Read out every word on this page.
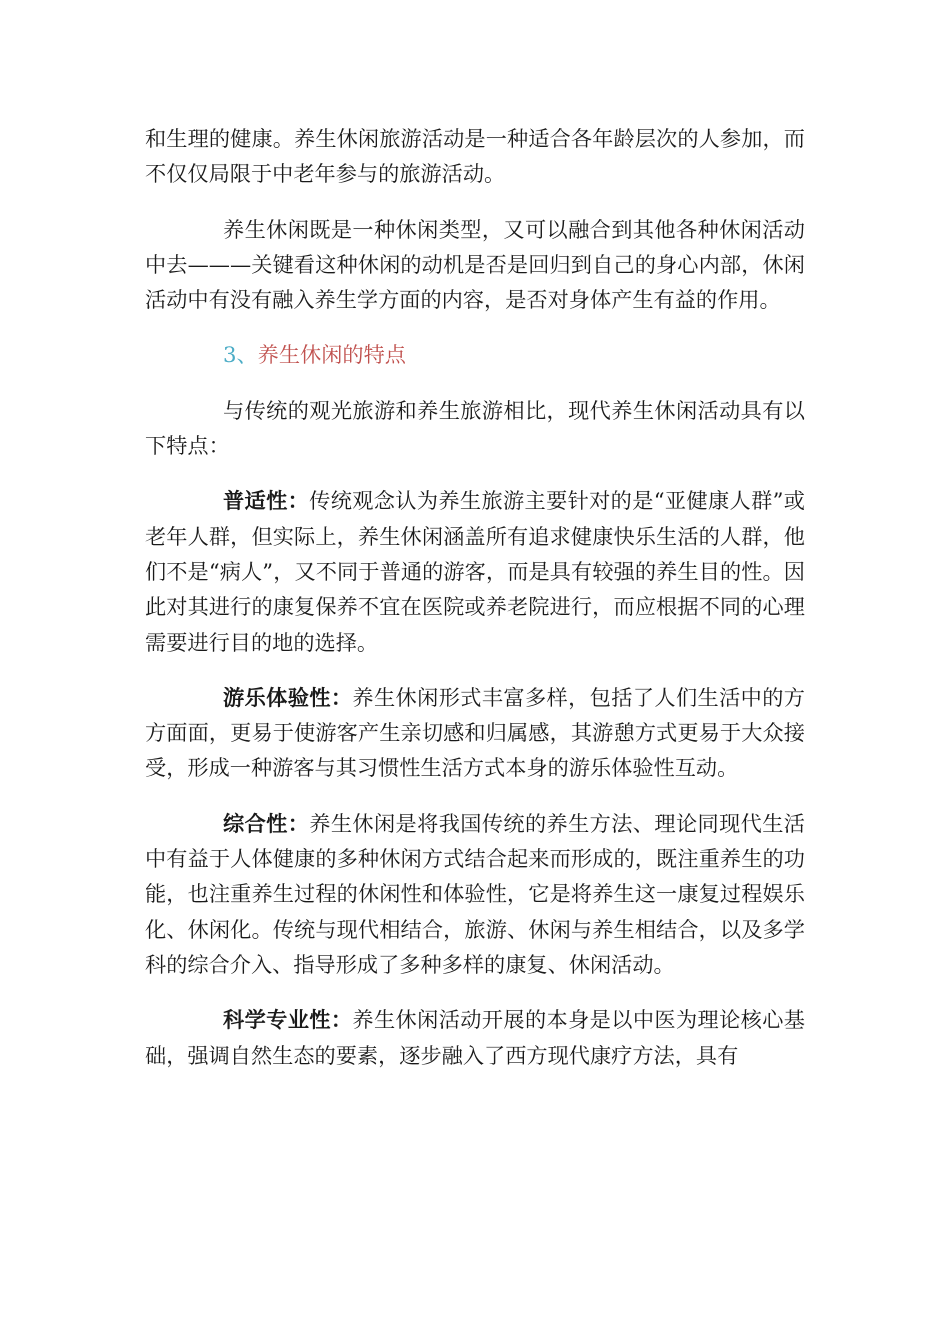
和生理的健康。养生休闲旅游活动是一种适合各年龄层次的人参加，而不仅仅局限于中老年参与的旅游活动。

养生休闲既是一种休闲类型，又可以融合到其他各种休闲活动中去———关键看这种休闲的动机是否是回归到自己的身心内部，休闲活动中有没有融入养生学方面的内容，是否对身体产生有益的作用。

3、养生休闲的特点

与传统的观光旅游和养生旅游相比，现代养生休闲活动具有以下特点：

普适性：传统观念认为养生旅游主要针对的是“亚健康人群”或老年人群，但实际上，养生休闲涵盖所有追求健康快乐生活的人群，他们不是“病人”，又不同于普通的游客，而是具有较强的养生目的性。因此对其进行的康复保养不宜在医院或养老院进行，而应根据不同的心理需要进行目的地的选择。

游乐体验性：养生休闲形式丰富多样，包括了人们生活中的方方面面，更易于使游客产生亲切感和归属感，其游憩方式更易于大众接受，形成一种游客与其习惯性生活方式本身的游乐体验性互动。

综合性：养生休闲是将我国传统的养生方法、理论同现代生活中有益于人体健康的多种休闲方式结合起来而形成的，既注重养生的功能，也注重养生过程的休闲性和体验性，它是将养生这一康复过程娱乐化、休闲化。传统与现代相结合，旅游、休闲与养生相结合，以及多学科的综合介入、指导形成了多种多样的康复、休闲活动。

科学专业性：养生休闲活动开展的本身是以中医为理论核心基础，强调自然生态的要素，逐步融入了西方现代康疗方法，具有
